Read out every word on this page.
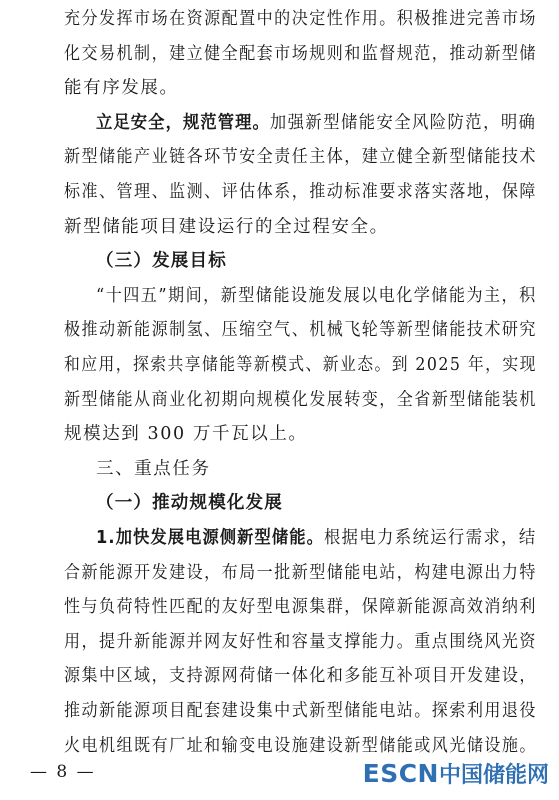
充分发挥市场在资源配置中的决定性作用。积极推进完善市场
化交易机制，建立健全配套市场规则和监督规范，推动新型储
能有序发展。
立足安全，规范管理。加强新型储能安全风险防范，明确
新型储能产业链各环节安全责任主体，建立健全新型储能技术
标准、管理、监测、评估体系，推动标准要求落实落地，保障
新型储能项目建设运行的全过程安全。
（三）发展目标
“十四五”期间，新型储能设施发展以电化学储能为主，积
极推动新能源制氢、压缩空气、机械飞轮等新型储能技术研究
和应用，探索共享储能等新模式、新业态。到 2025 年，实现
新型储能从商业化初期向规模化发展转变，全省新型储能装机
规模达到 300 万千瓦以上。
三、重点任务
（一）推动规模化发展
1.加快发展电源侧新型储能。根据电力系统运行需求，结
合新能源开发建设，布局一批新型储能电站，构建电源出力特
性与负荷特性匹配的友好型电源集群，保障新能源高效消纳利
用，提升新能源并网友好性和容量支撑能力。重点围绕风光资
源集中区域，支持源网荷储一体化和多能互补项目开发建设，
推动新能源项目配套建设集中式新型储能电站。探索利用退役
火电机组既有厂址和输变电设施建设新型储能或风光储设施。
— 8 —	ESCN中国储能网
